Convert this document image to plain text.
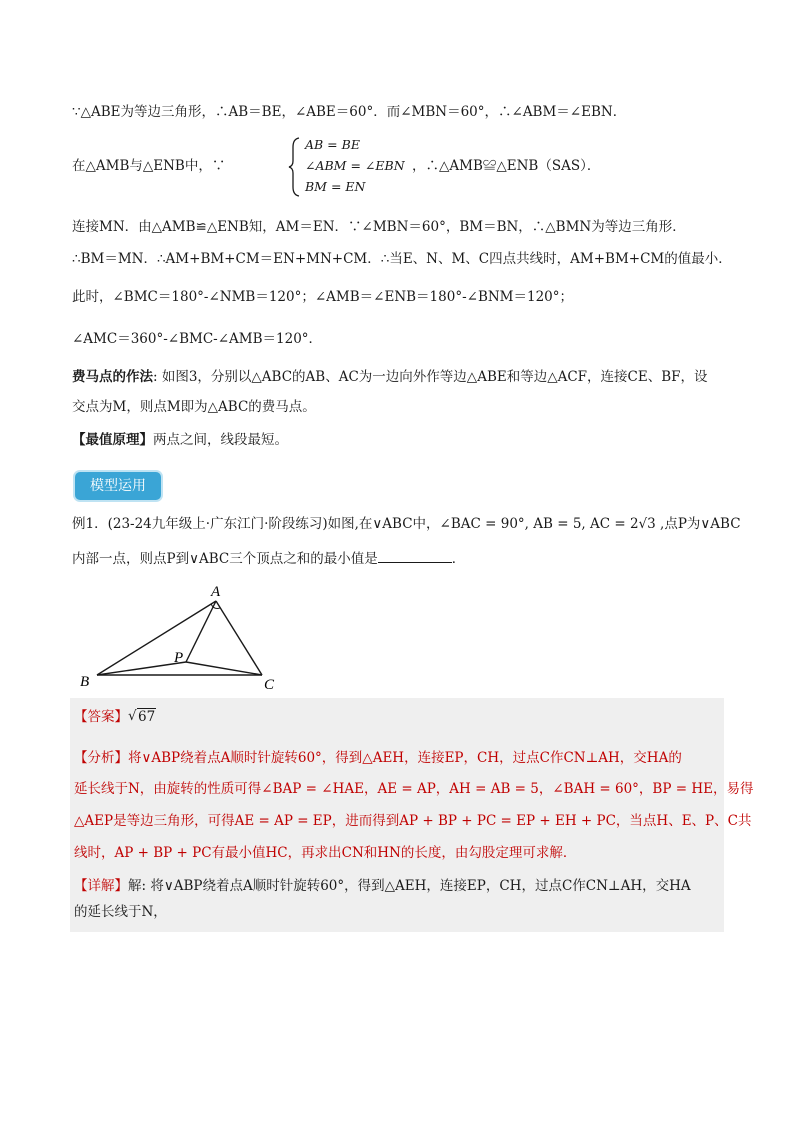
∵△ABE为等边三角形，∴AB＝BE，∠ABE＝60°．而∠MBN＝60°，∴∠ABM＝∠EBN．
在△AMB与△ENB中，∵
AB = BE
∠ABM = ∠EBN
BM = EN
，∴△AMB≌△ENB（SAS）．
连接MN．由△AMB≌△ENB知，AM＝EN．∵∠MBN＝60°，BM＝BN，∴△BMN为等边三角形．
∴BM＝MN．∴AM+BM+CM＝EN+MN+CM．∴当E、N、M、C四点共线时，AM+BM+CM的值最小．
此时，∠BMC＝180°-∠NMB＝120°；∠AMB＝∠ENB＝180°-∠BNM＝120°；
∠AMC＝360°-∠BMC-∠AMB＝120°．
费马点的作法: 如图3，分别以△ABC的AB、AC为一边向外作等边△ABE和等边△ACF，连接CE、BF，设
交点为M，则点M即为△ABC的费马点。
【最值原理】两点之间，线段最短。
模型运用
例1．(23-24九年级上·广东江门·阶段练习)如图,在∨ABC中，∠BAC = 90°, AB = 5, AC = 2√3 ,点P为∨ABC
内部一点，则点P到∨ABC三个顶点之和的最小值是	．
A
B	C
P
【答案】√ 67
【分析】将∨ABP绕着点A顺时针旋转60°，得到△AEH，连接EP，CH，过点C作CN⊥AH，交HA的
延长线于N，由旋转的性质可得∠BAP = ∠HAE，AE = AP，AH = AB = 5，∠BAH = 60°，BP = HE，易得
△AEP是等边三角形，可得AE = AP = EP，进而得到AP + BP + PC = EP + EH + PC，当点H、E、P、C共
线时，AP + BP + PC有最小值HC，再求出CN和HN的长度，由勾股定理可求解．
【详解】解: 将∨ABP绕着点A顺时针旋转60°，得到△AEH，连接EP，CH，过点C作CN⊥AH，交HA
的延长线于N，
